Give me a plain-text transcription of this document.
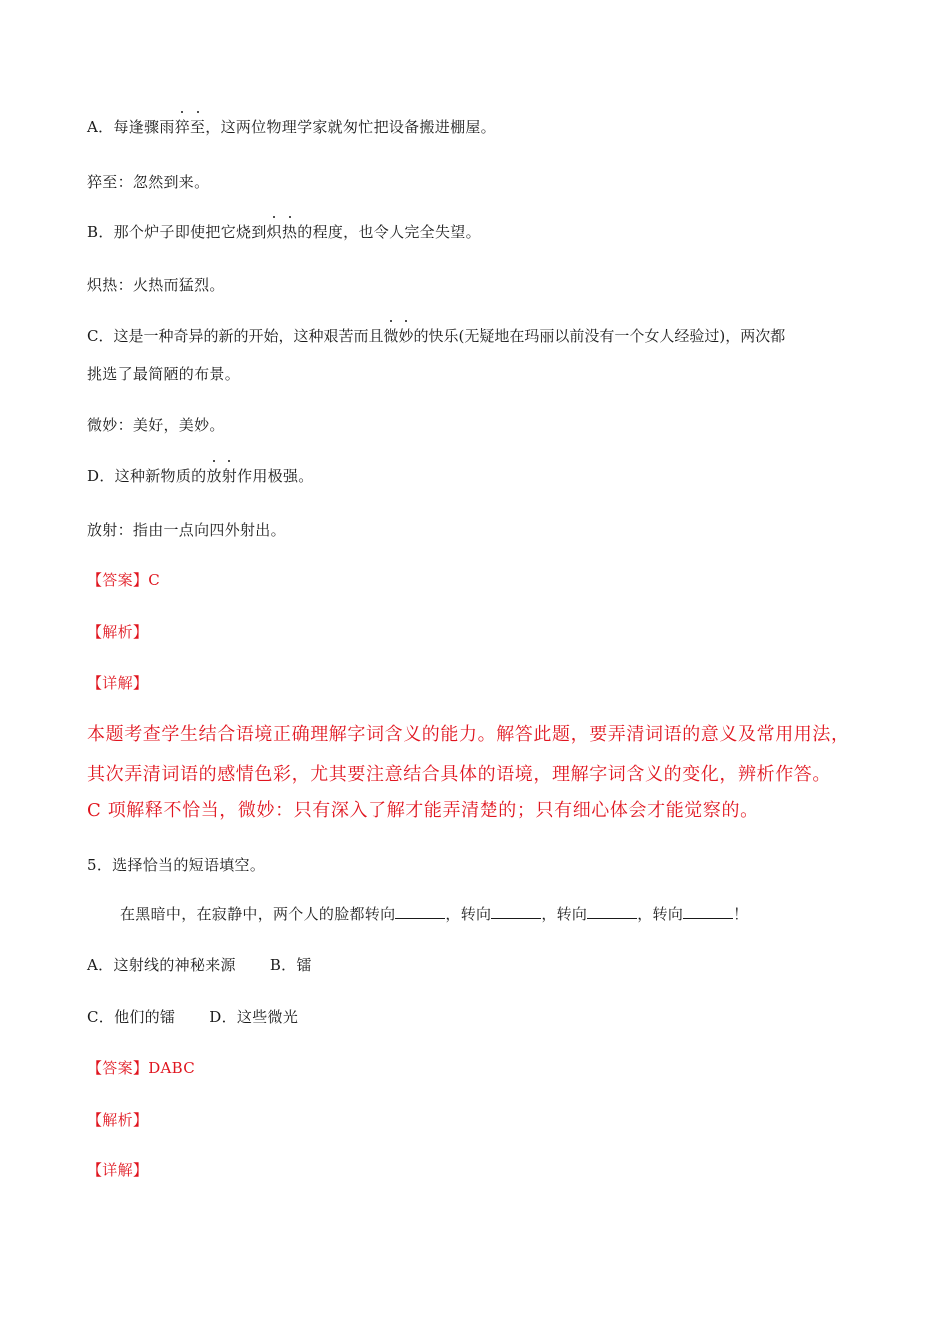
A．每逢骤雨猝至，这两位物理学家就匆忙把设备搬进棚屋。
猝至：忽然到来。
B．那个炉子即使把它烧到炽热的程度，也令人完全失望。
炽热：火热而猛烈。
C．这是一种奇异的新的开始，这种艰苦而且微妙的快乐(无疑地在玛丽以前没有一个女人经验过)，两次都
挑选了最简陋的布景。
微妙：美好，美妙。
D．这种新物质的放射作用极强。
放射：指由一点向四外射出。
【答案】C
【解析】
【详解】
本题考查学生结合语境正确理解字词含义的能力。解答此题，要弄清词语的意义及常用用法，
其次弄清词语的感情色彩，尤其要注意结合具体的语境，理解字词含义的变化，辨析作答。
C 项解释不恰当，微妙：只有深入了解才能弄清楚的；只有细心体会才能觉察的。
5．选择恰当的短语填空。
在黑暗中，在寂静中，两个人的脸都转向	，转向	，转向	，转向	！
A．这射线的神秘来源 B．镭
C．他们的镭 D．这些微光
【答案】DABC
【解析】
【详解】
